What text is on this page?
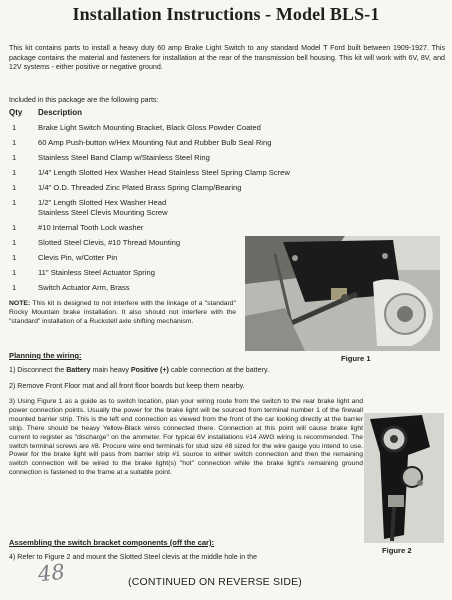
Installation Instructions - Model BLS-1

This kit contains parts to install a heavy duty 60 amp Brake Light Switch to any standard Model T Ford built between 1909-1927. This package contains the material and fasteners for installation at the rear of the transmission bell housing. This kit will work with 6V, 8V, and 12V systems - either positive or negative ground.

Included in this package are the following parts:

Qty Description
1	Brake Light Switch Mounting Bracket, Black Gloss Powder Coated
1	60 Amp Push-button w/Hex Mounting Nut and Rubber Bulb Seal Ring
1	Stainless Steel Band Clamp w/Stainless Steel Ring
1	1/4" Length Slotted Hex Washer Head Stainless Steel Spring Clamp Screw
1	1/4" O.D. Threaded Zinc Plated Brass Spring Clamp/Bearing
1	1/2" Length Slotted Hex Washer Head
Stainless Steel Clevis Mounting Screw
1	#10 Internal Tooth Lock washer
1	Slotted Steel Clevis, #10 Thread Mounting
1	Clevis Pin, w/Cotter Pin
1	11" Stainless Steel Actuator Spring
1	Switch Actuator Arm, Brass

NOTE: This kit is designed to not interfere with the linkage of a "standard" Rocky Mountain brake installation. It also should not interfere with the "standard" installation of a Ruckstell axle shifting mechanism.

Figure 1

Planning the wiring:

1) Disconnect the Battery main heavy Positive (+) cable connection at the battery.

2) Remove Front Floor mat and all front floor boards but keep them nearby.

3) Using Figure 1 as a guide as to switch location, plan your wiring route from the switch to the rear brake light and power connection points. Usually the power for the brake light will be sourced from terminal number 1 of the firewall mounted barrier strip. This is the left end connection as viewed from the front of the car looking directly at the barrier strip. There should be heavy Yellow-Black wires connected there. Connection at this point will cause brake light current to register as "discharge" on the ammeter. For typical 6V installations #14 AWG wiring is recommended. The switch terminal screws are #8. Procure wire end terminals for stud size #8 sized for the wire gauge you intend to use. Power for the brake light will pass from barrier strip #1 source to either switch connection and then the remaining switch connection will be wired to the brake light(s) "hot" connection while the brake light's remaining ground connection is fastened to the frame at a suitable point.

Figure 2

Assembling the switch bracket components (off the car):

4) Refer to Figure 2 and mount the Slotted Steel clevis at the middle hole in the

48	(CONTINUED ON REVERSE SIDE)
